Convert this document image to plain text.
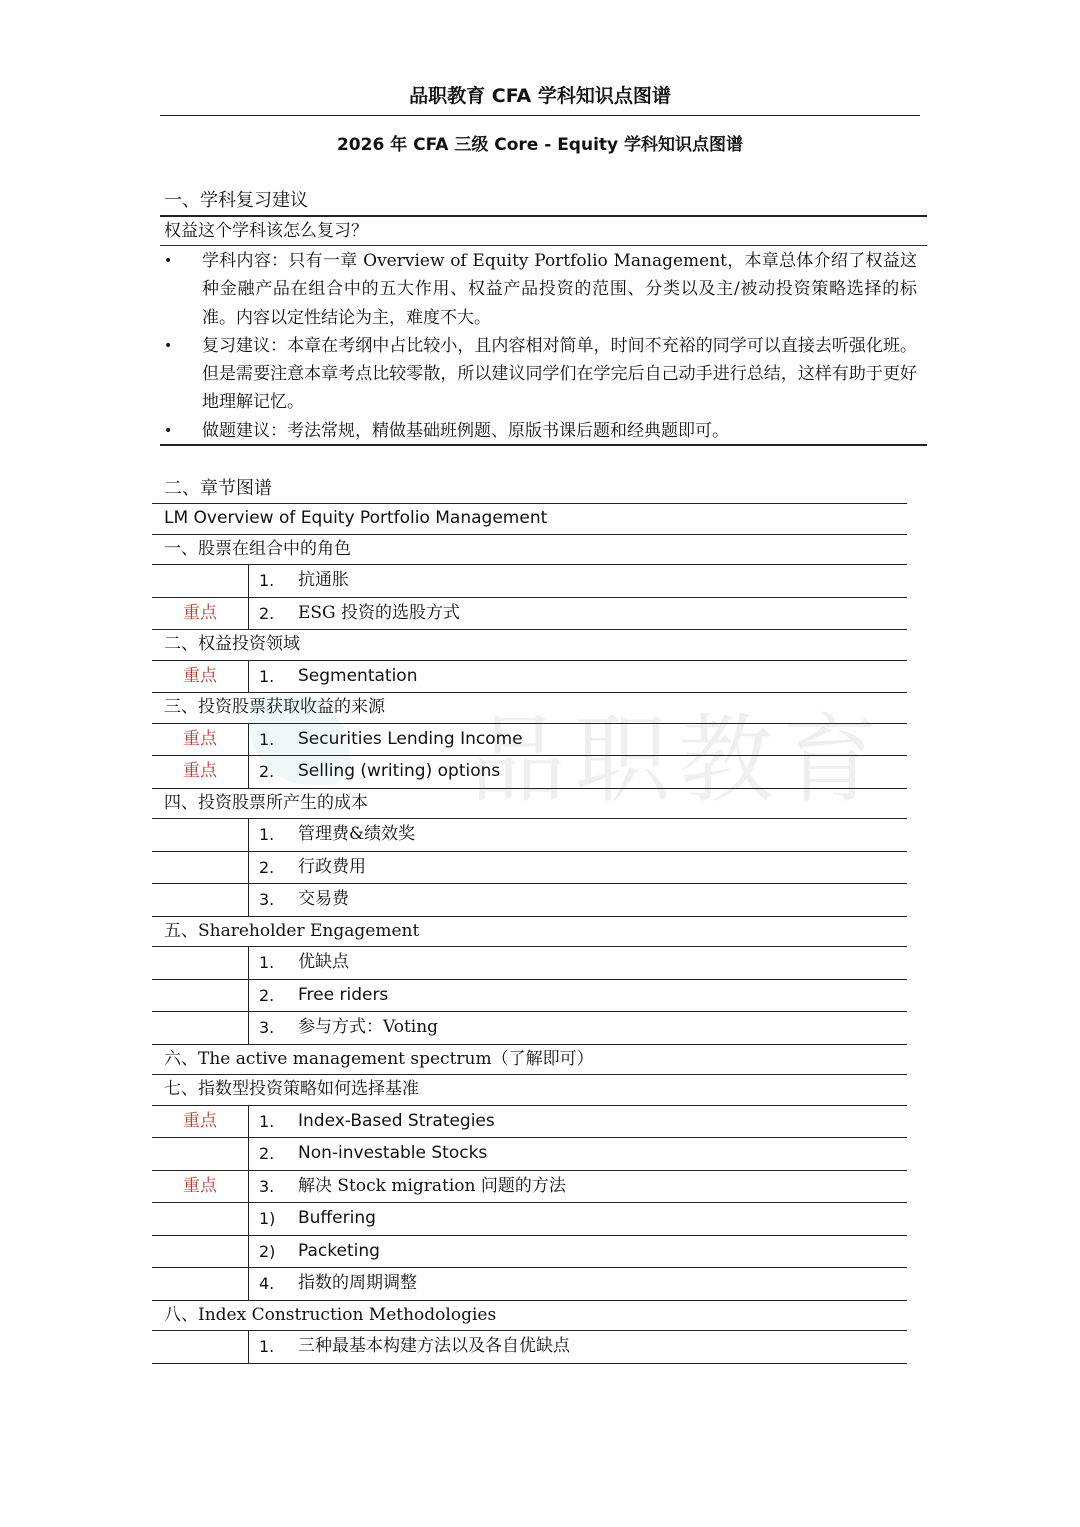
品职教育 CFA 学科知识点图谱
2026 年 CFA 三级 Core - Equity 学科知识点图谱
品职教育
一、学科复习建议
权益这个学科该怎么复习？
• 学科内容：只有一章 Overview of Equity Portfolio Management，本章总体介绍了权益这种金融产品在组合中的五大作用、权益产品投资的范围、分类以及主/被动投资策略选择的标准。内容以定性结论为主，难度不大。
• 复习建议：本章在考纲中占比较小，且内容相对简单，时间不充裕的同学可以直接去听强化班。但是需要注意本章考点比较零散，所以建议同学们在学完后自己动手进行总结，这样有助于更好地理解记忆。
• 做题建议：考法常规，精做基础班例题、原版书课后题和经典题即可。
二、章节图谱
LM Overview of Equity Portfolio Management
一、股票在组合中的角色
1. 抗通胀
重点	2. ESG 投资的选股方式
二、权益投资领域
重点	1. Segmentation
三、投资股票获取收益的来源
重点	1. Securities Lending Income
重点	2. Selling (writing) options
四、投资股票所产生的成本
1. 管理费&绩效奖
2. 行政费用
3. 交易费
五、Shareholder Engagement
1. 优缺点
2. Free riders
3. 参与方式：Voting
六、The active management spectrum（了解即可）
七、指数型投资策略如何选择基准
重点	1. Index-Based Strategies
2. Non-investable Stocks
重点	3. 解决 Stock migration 问题的方法
1) Buffering
2) Packeting
4. 指数的周期调整
八、Index Construction Methodologies
1. 三种最基本构建方法以及各自优缺点
